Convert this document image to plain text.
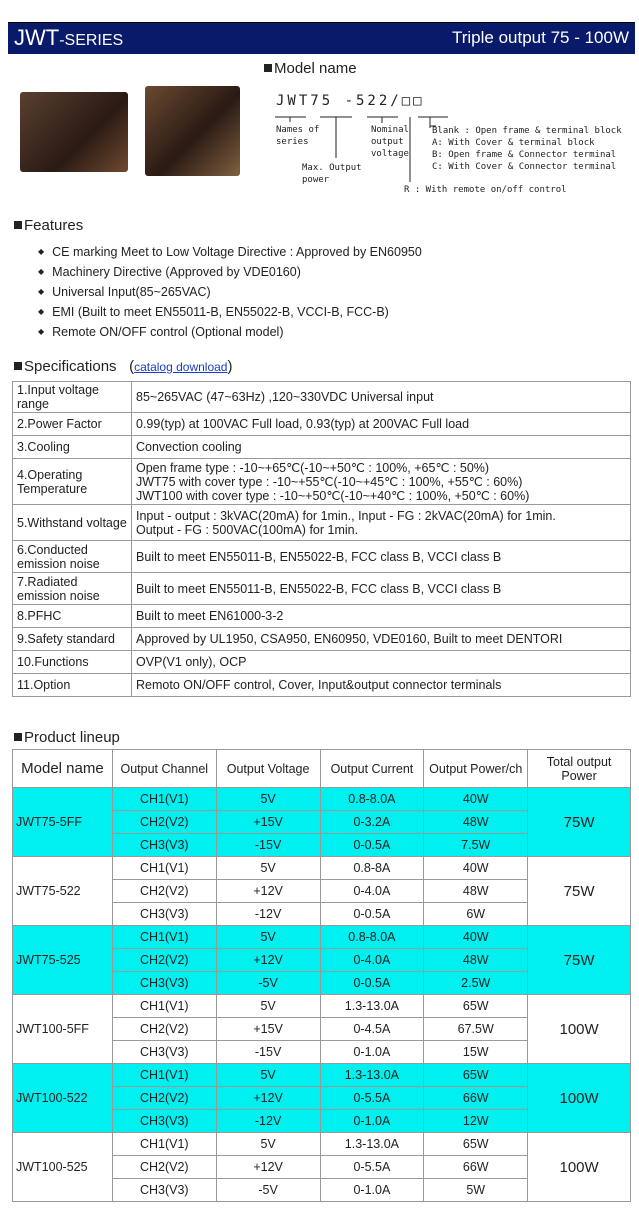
JWT-SERIES	Triple output 75 - 100W
Model name
JWT75 -522/□□
Names of
series
Max. Output
power
Nominal
output
voltage
Blank : Open frame & terminal block
A: With Cover & terminal block
B: Open frame & Connector terminal
C: With Cover & Connector terminal
R : With remote on/off control
Features
◆ CE marking Meet to Low Voltage Directive : Approved by EN60950
◆ Machinery Directive (Approved by VDE0160)
◆ Universal Input(85~265VAC)
◆ EMI (Built to meet EN55011-B, EN55022-B, VCCI-B, FCC-B)
◆ Remote ON/OFF control (Optional model)
Specifications (catalog download)
1.Input voltage range	85~265VAC (47~63Hz) ,120~330VDC Universal input
2.Power Factor	0.99(typ) at 100VAC Full load, 0.93(typ) at 200VAC Full load
3.Cooling	Convection cooling
4.Operating Temperature	Open frame type : -10~+65℃(-10~+50℃ : 100%, +65℃ : 50%)
JWT75 with cover type : -10~+55℃(-10~+45℃ : 100%, +55℃ : 60%)
JWT100 with cover type : -10~+50℃(-10~+40℃ : 100%, +50℃ : 60%)
5.Withstand voltage	Input - output : 3kVAC(20mA) for 1min., Input - FG : 2kVAC(20mA) for 1min.
Output - FG : 500VAC(100mA) for 1min.
6.Conducted emission noise	Built to meet EN55011-B, EN55022-B, FCC class B, VCCI class B
7.Radiated emission noise	Built to meet EN55011-B, EN55022-B, FCC class B, VCCI class B
8.PFHC	Built to meet EN61000-3-2
9.Safety standard	Approved by UL1950, CSA950, EN60950, VDE0160, Built to meet DENTORI
10.Functions	OVP(V1 only), OCP
11.Option	Remoto ON/OFF control, Cover, Input&output connector terminals
Product lineup
Model name	Output Channel	Output Voltage	Output Current	Output Power/ch	Total output Power
JWT75-5FF	CH1(V1)	5V	0.8-8.0A	40W	75W
	CH2(V2)	+15V	0-3.2A	48W	
	CH3(V3)	-15V	0-0.5A	7.5W	
JWT75-522	CH1(V1)	5V	0.8-8A	40W	75W
	CH2(V2)	+12V	0-4.0A	48W	
	CH3(V3)	-12V	0-0.5A	6W	
JWT75-525	CH1(V1)	5V	0.8-8.0A	40W	75W
	CH2(V2)	+12V	0-4.0A	48W	
	CH3(V3)	-5V	0-0.5A	2.5W	
JWT100-5FF	CH1(V1)	5V	1.3-13.0A	65W	100W
	CH2(V2)	+15V	0-4.5A	67.5W	
	CH3(V3)	-15V	0-1.0A	15W	
JWT100-522	CH1(V1)	5V	1.3-13.0A	65W	100W
	CH2(V2)	+12V	0-5.5A	66W	
	CH3(V3)	-12V	0-1.0A	12W	
JWT100-525	CH1(V1)	5V	1.3-13.0A	65W	100W
	CH2(V2)	+12V	0-5.5A	66W	
	CH3(V3)	-5V	0-1.0A	5W	
